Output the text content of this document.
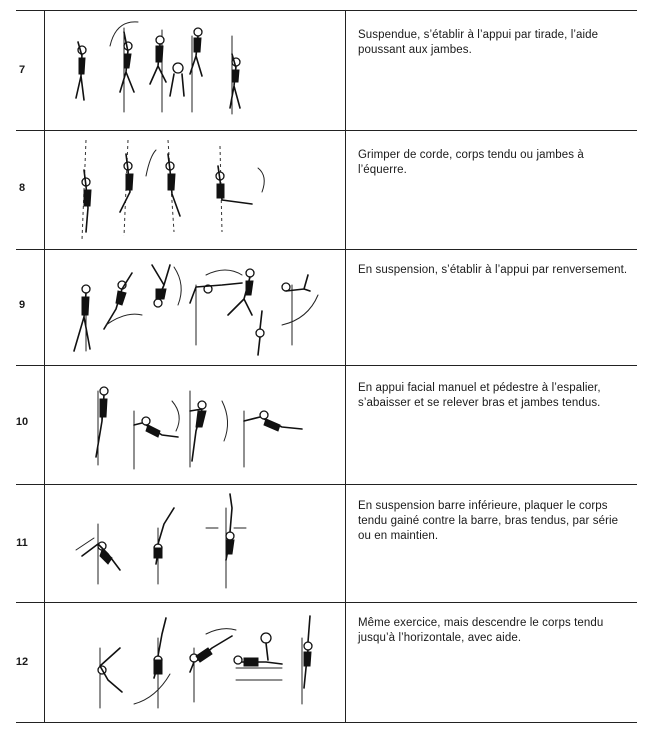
7
Suspendue, s’établir à l’appui par tirade, l’aide poussant aux jambes.
8
Grimper de corde, corps tendu ou jambes à l’équerre.
9
En suspension, s’établir à l’appui par renversement.
10
En appui facial manuel et pédestre à l’espalier, s’abaisser et se relever bras et jambes tendus.
11
En suspension barre inférieure, plaquer le corps tendu gainé contre la barre, bras tendus, par série ou en maintien.
12
Même exercice, mais descendre le corps tendu jusqu’à l’horizontale, avec aide.
